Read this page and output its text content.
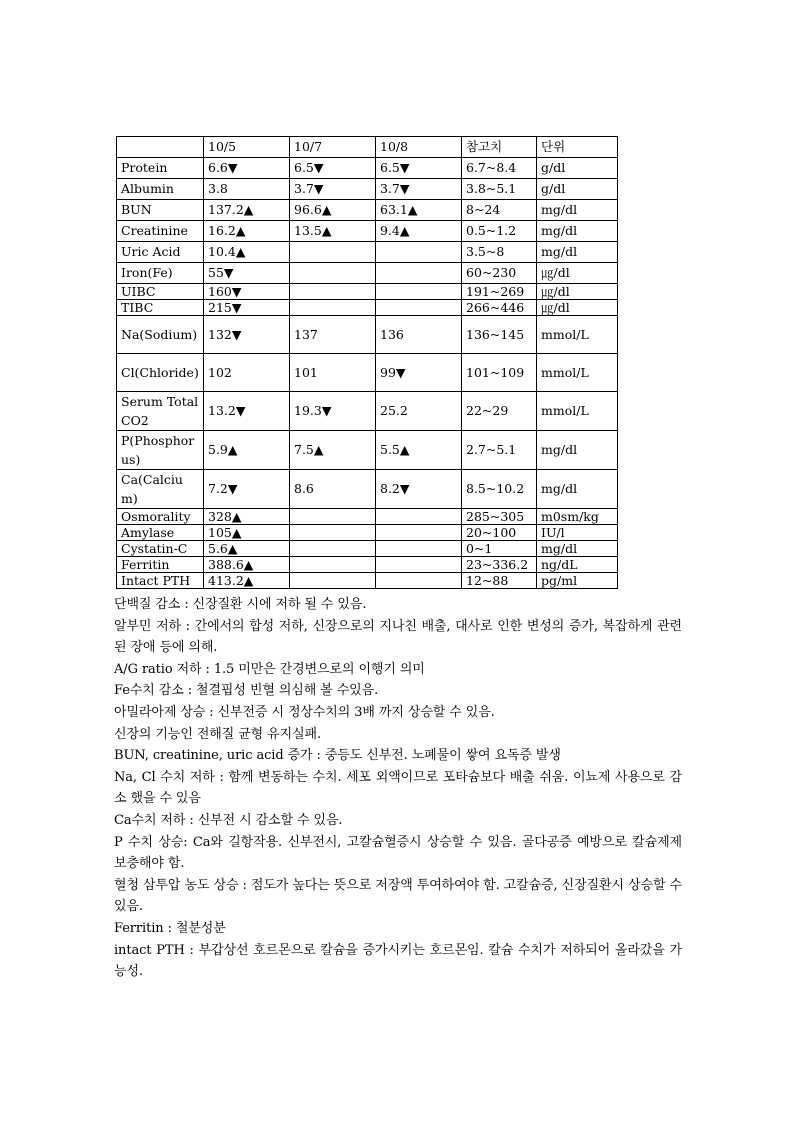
	10/5	10/7	10/8	참고치	단위
Protein	6.6▼	6.5▼	6.5▼	6.7~8.4	g/dl
Albumin	3.8	3.7▼	3.7▼	3.8~5.1	g/dl
BUN	137.2▲	96.6▲	63.1▲	8~24	mg/dl
Creatinine	16.2▲	13.5▲	9.4▲	0.5~1.2	mg/dl
Uric Acid	10.4▲			3.5~8	mg/dl
Iron(Fe)	55▼			60~230	㎍/dl
UIBC	160▼			191~269	㎍/dl
TIBC	215▼			266~446	㎍/dl
Na(Sodium)	132▼	137	136	136~145	mmol/L
Cl(Chloride)	102	101	99▼	101~109	mmol/L
Serum Total CO2	13.2▼	19.3▼	25.2	22~29	mmol/L
P(Phosphorus)	5.9▲	7.5▲	5.5▲	2.7~5.1	mg/dl
Ca(Calcium)	7.2▼	8.6	8.2▼	8.5~10.2	mg/dl
Osmorality	328▲			285~305	m0sm/kg
Amylase	105▲			20~100	IU/l
Cystatin-C	5.6▲			0~1	mg/dl
Ferritin	388.6▲			23~336.2	ng/dL
Intact PTH	413.2▲			12~88	pg/ml

단백질 감소 : 신장질환 시에 저하 될 수 있음.

알부민 저하 : 간에서의 합성 저하, 신장으로의 지나친 배출, 대사로 인한 변성의 증가, 복잡하게 관련된 장애 등에 의해.

A/G ratio 저하 : 1.5 미만은 간경변으로의 이행기 의미

Fe수치 감소 : 철결핍성 빈혈 의심해 볼 수있음.

아밀라아제 상승 : 신부전증 시 정상수치의 3배 까지 상승할 수 있음.

신장의 기능인 전해질 균형 유지실패.

BUN, creatinine, uric acid 증가 : 중등도 신부전. 노폐물이 쌓여 요독증 발생

Na, Cl 수치 저하 : 함께 변동하는 수치. 세포 외액이므로 포타슘보다 배출 쉬움. 이뇨제 사용으로 감소 했을 수 있음

Ca수치 저하 : 신부전 시 감소할 수 있음.

P 수치 상승: Ca와 길항작용. 신부전시, 고칼슘혈증시 상승할 수 있음. 골다공증 예방으로 칼슘제제 보충해야 함.

혈청 삼투압 농도 상승 : 점도가 높다는 뜻으로 저장액 투여하여야 함. 고칼슘증, 신장질환시 상승할 수 있음.

Ferritin : 철분성분

intact PTH : 부갑상선 호르몬으로 칼슘을 증가시키는 호르몬임. 칼슘 수치가 저하되어 올라갔을 가능성.
